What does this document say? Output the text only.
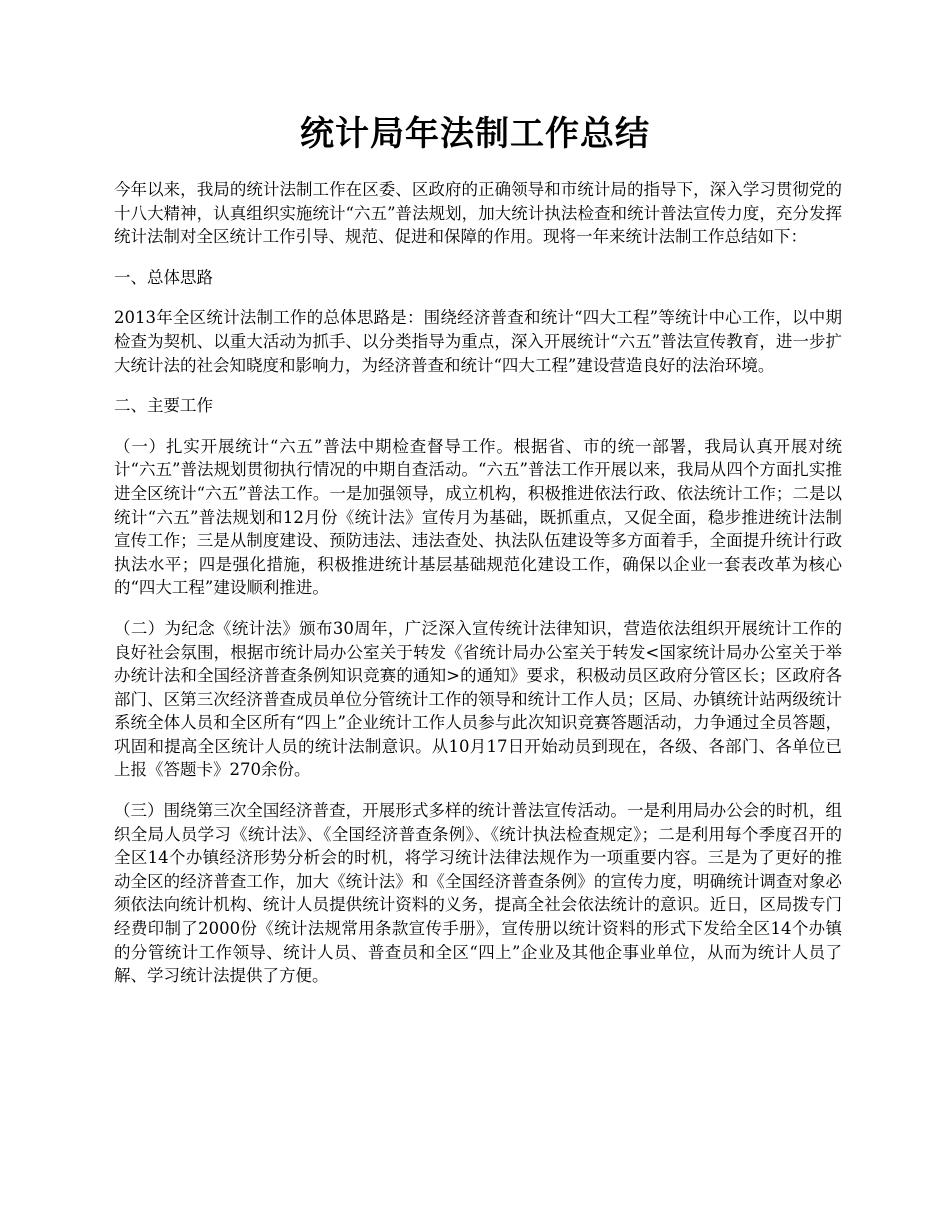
统计局年法制工作总结

今年以来，我局的统计法制工作在区委、区政府的正确领导和市统计局的指导下，深入学习贯彻党的十八大精神，认真组织实施统计“六五”普法规划，加大统计执法检查和统计普法宣传力度，充分发挥统计法制对全区统计工作引导、规范、促进和保障的作用。现将一年来统计法制工作总结如下：

一、总体思路

2013年全区统计法制工作的总体思路是：围绕经济普查和统计“四大工程”等统计中心工作，以中期检查为契机、以重大活动为抓手、以分类指导为重点，深入开展统计“六五”普法宣传教育，进一步扩大统计法的社会知晓度和影响力，为经济普查和统计“四大工程”建设营造良好的法治环境。

二、主要工作

（一）扎实开展统计“六五”普法中期检查督导工作。根据省、市的统一部署，我局认真开展对统计“六五”普法规划贯彻执行情况的中期自查活动。“六五”普法工作开展以来，我局从四个方面扎实推进全区统计“六五”普法工作。一是加强领导，成立机构，积极推进依法行政、依法统计工作；二是以统计“六五”普法规划和12月份《统计法》宣传月为基础，既抓重点，又促全面，稳步推进统计法制宣传工作；三是从制度建设、预防违法、违法查处、执法队伍建设等多方面着手，全面提升统计行政执法水平；四是强化措施，积极推进统计基层基础规范化建设工作，确保以企业一套表改革为核心的“四大工程”建设顺利推进。

（二）为纪念《统计法》颁布30周年，广泛深入宣传统计法律知识，营造依法组织开展统计工作的良好社会氛围，根据市统计局办公室关于转发《省统计局办公室关于转发<国家统计局办公室关于举办统计法和全国经济普查条例知识竞赛的通知>的通知》要求，积极动员区政府分管区长；区政府各部门、区第三次经济普查成员单位分管统计工作的领导和统计工作人员；区局、办镇统计站两级统计系统全体人员和全区所有“四上”企业统计工作人员参与此次知识竞赛答题活动，力争通过全员答题，巩固和提高全区统计人员的统计法制意识。从10月17日开始动员到现在，各级、各部门、各单位已上报《答题卡》270余份。

（三）围绕第三次全国经济普查，开展形式多样的统计普法宣传活动。一是利用局办公会的时机，组织全局人员学习《统计法》、《全国经济普查条例》、《统计执法检查规定》；二是利用每个季度召开的全区14个办镇经济形势分析会的时机，将学习统计法律法规作为一项重要内容。三是为了更好的推动全区的经济普查工作，加大《统计法》和《全国经济普查条例》的宣传力度，明确统计调查对象必须依法向统计机构、统计人员提供统计资料的义务，提高全社会依法统计的意识。近日，区局拨专门经费印制了2000份《统计法规常用条款宣传手册》，宣传册以统计资料的形式下发给全区14个办镇的分管统计工作领导、统计人员、普查员和全区“四上”企业及其他企事业单位，从而为统计人员了解、学习统计法提供了方便。
